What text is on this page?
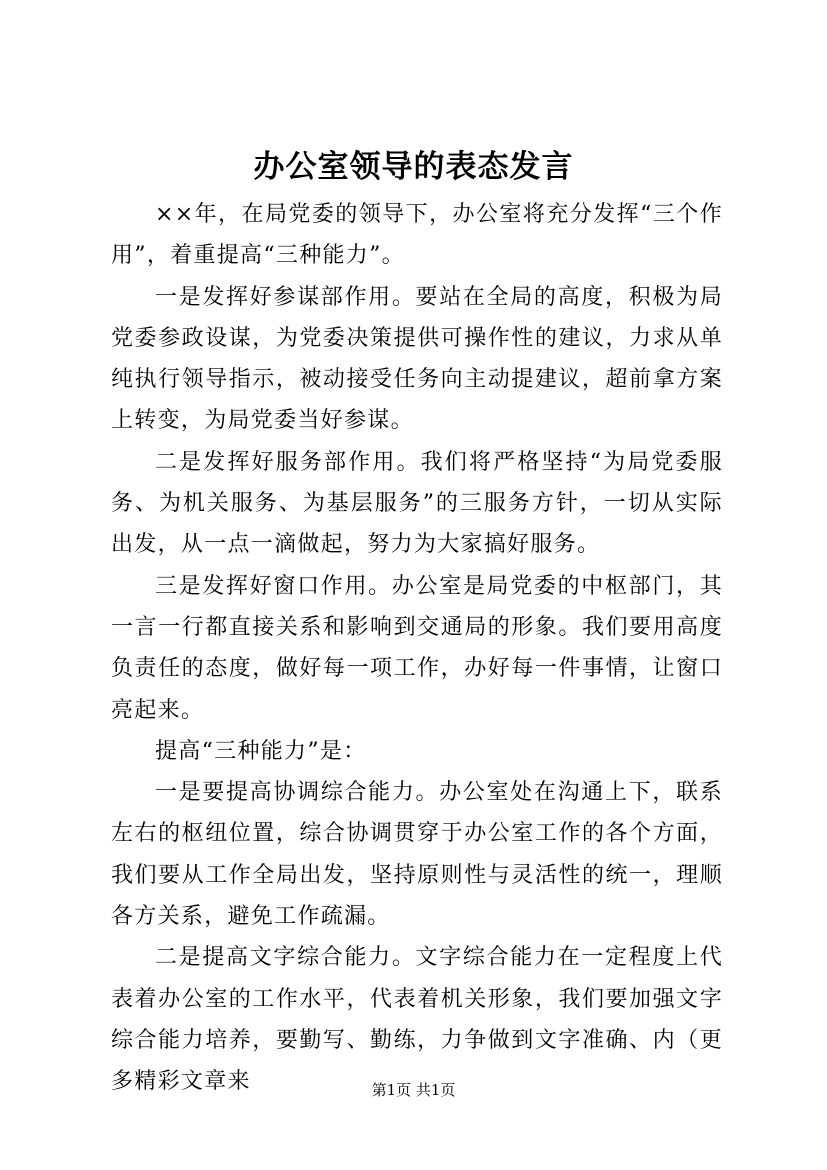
办公室领导的表态发言

××年，在局党委的领导下，办公室将充分发挥“三个作用”，着重提高“三种能力”。

一是发挥好参谋部作用。要站在全局的高度，积极为局党委参政设谋，为党委决策提供可操作性的建议，力求从单纯执行领导指示，被动接受任务向主动提建议，超前拿方案上转变，为局党委当好参谋。

二是发挥好服务部作用。我们将严格坚持“为局党委服务、为机关服务、为基层服务”的三服务方针，一切从实际出发，从一点一滴做起，努力为大家搞好服务。

三是发挥好窗口作用。办公室是局党委的中枢部门，其一言一行都直接关系和影响到交通局的形象。我们要用高度负责任的态度，做好每一项工作，办好每一件事情，让窗口亮起来。

提高“三种能力”是：

一是要提高协调综合能力。办公室处在沟通上下，联系左右的枢纽位置，综合协调贯穿于办公室工作的各个方面，我们要从工作全局出发，坚持原则性与灵活性的统一，理顺各方关系，避免工作疏漏。

二是提高文字综合能力。文字综合能力在一定程度上代表着办公室的工作水平，代表着机关形象，我们要加强文字综合能力培养，要勤写、勤练，力争做到文字准确、内（更多精彩文章来	第1页 共1页
